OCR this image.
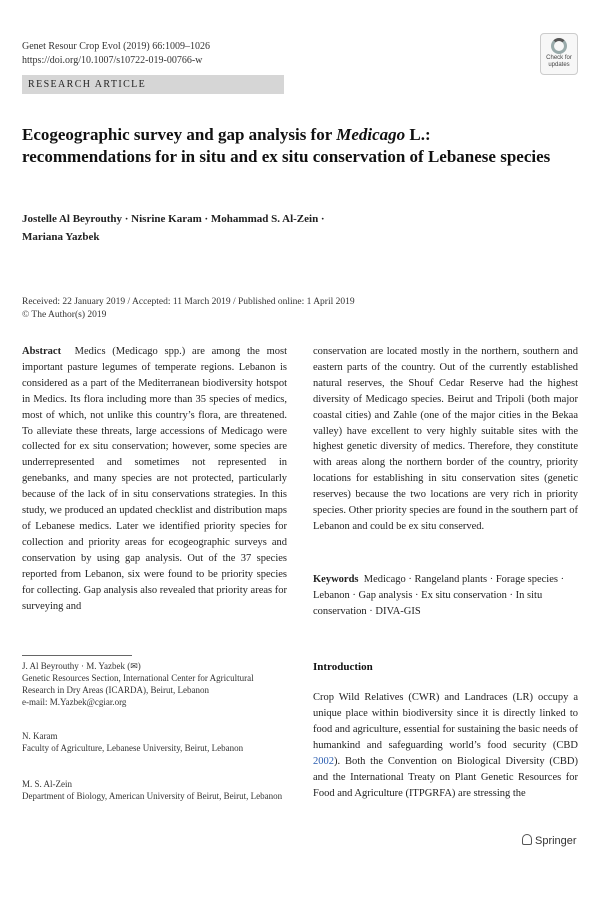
Genet Resour Crop Evol (2019) 66:1009–1026
https://doi.org/10.1007/s10722-019-00766-w	Check for
updates
RESEARCH ARTICLE
Ecogeographic survey and gap analysis for Medicago L.: recommendations for in situ and ex situ conservation of Lebanese species
Jostelle Al Beyrouthy · Nisrine Karam · Mohammad S. Al-Zein ·
Mariana Yazbek
Received: 22 January 2019 / Accepted: 11 March 2019 / Published online: 1 April 2019
© The Author(s) 2019
Abstract Medics (Medicago spp.) are among the most important pasture legumes of temperate regions. Lebanon is considered as a part of the Mediterranean biodiversity hotspot in Medics. Its flora including more than 35 species of medics, most of which, not unlike this country’s flora, are threatened. To alleviate these threats, large accessions of Medicago were collected for ex situ conservation; however, some species are underrepresented and sometimes not represented in genebanks, and many species are not protected, particularly because of the lack of in situ conservations strategies. In this study, we produced an updated checklist and distribution maps of Lebanese medics. Later we identified priority species for collection and priority areas for ecogeographic surveys and conservation by using gap analysis. Out of the 37 species reported from Lebanon, six were found to be priority species for collecting. Gap analysis also revealed that priority areas for surveying and
conservation are located mostly in the northern, southern and eastern parts of the country. Out of the currently established natural reserves, the Shouf Cedar Reserve had the highest diversity of Medicago species. Beirut and Tripoli (both major coastal cities) and Zahle (one of the major cities in the Bekaa valley) have excellent to very highly suitable sites with the highest genetic diversity of medics. Therefore, they constitute with areas along the northern border of the country, priority locations for establishing in situ conservation sites (genetic reserves) because the two locations are very rich in priority species. Other priority species are found in the southern part of Lebanon and could be ex situ conserved.
Keywords Medicago · Rangeland plants · Forage species · Lebanon · Gap analysis · Ex situ conservation · In situ conservation · DIVA-GIS
J. Al Beyrouthy · M. Yazbek (✉)
Genetic Resources Section, International Center for Agricultural Research in Dry Areas (ICARDA), Beirut, Lebanon
e-mail: M.Yazbek@cgiar.org
N. Karam
Faculty of Agriculture, Lebanese University, Beirut, Lebanon
M. S. Al-Zein
Department of Biology, American University of Beirut, Beirut, Lebanon
Introduction
Crop Wild Relatives (CWR) and Landraces (LR) occupy a unique place within biodiversity since it is directly linked to food and agriculture, essential for sustaining the basic needs of humankind and safeguarding world’s food security (CBD 2002). Both the Convention on Biological Diversity (CBD) and the International Treaty on Plant Genetic Resources for Food and Agriculture (ITPGRFA) are stressing the
Springer
